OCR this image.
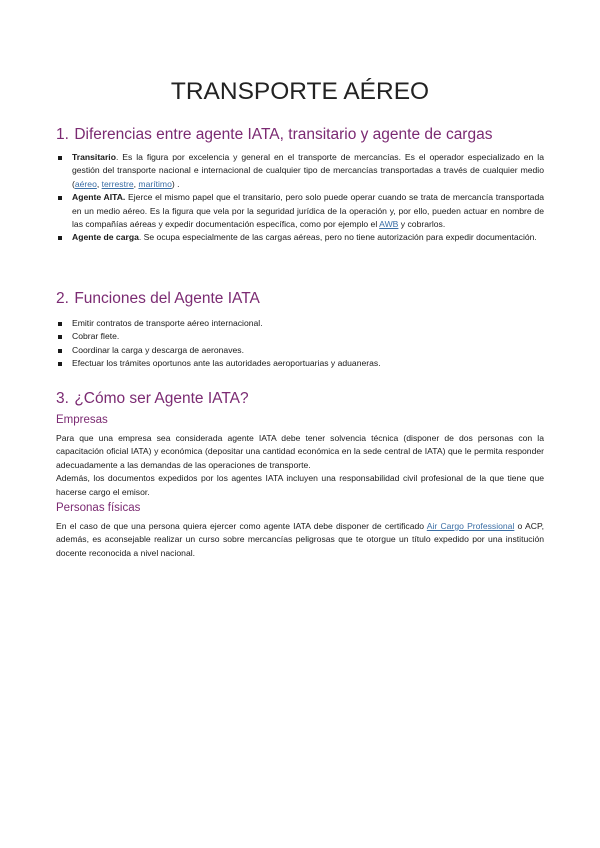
TRANSPORTE AÉREO
1. Diferencias entre agente IATA, transitario y agente de cargas
Transitario. Es la figura por excelencia y general en el transporte de mercancías. Es el operador especializado en la gestión del transporte nacional e internacional de cualquier tipo de mercancías transportadas a través de cualquier medio (aéreo, terrestre, marítimo) .
Agente AITA. Ejerce el mismo papel que el transitario, pero solo puede operar cuando se trata de mercancía transportada en un medio aéreo. Es la figura que vela por la seguridad jurídica de la operación y, por ello, pueden actuar en nombre de las compañías aéreas y expedir documentación específica, como por ejemplo el AWB y cobrarlos.
Agente de carga. Se ocupa especialmente de las cargas aéreas, pero no tiene autorización para expedir documentación.
2. Funciones del Agente IATA
Emitir contratos de transporte aéreo internacional.
Cobrar flete.
Coordinar la carga y descarga de aeronaves.
Efectuar los trámites oportunos ante las autoridades aeroportuarias y aduaneras.
3. ¿Cómo ser Agente IATA?
Empresas
Para que una empresa sea considerada agente IATA debe tener solvencia técnica (disponer de dos personas con la capacitación oficial IATA) y económica (depositar una cantidad económica en la sede central de IATA) que le permita responder adecuadamente a las demandas de las operaciones de transporte.
Además, los documentos expedidos por los agentes IATA incluyen una responsabilidad civil profesional de la que tiene que hacerse cargo el emisor.
Personas físicas
En el caso de que una persona quiera ejercer como agente IATA debe disponer de certificado Air Cargo Professional o ACP, además, es aconsejable realizar un curso sobre mercancías peligrosas que te otorgue un título expedido por una institución docente reconocida a nivel nacional.
